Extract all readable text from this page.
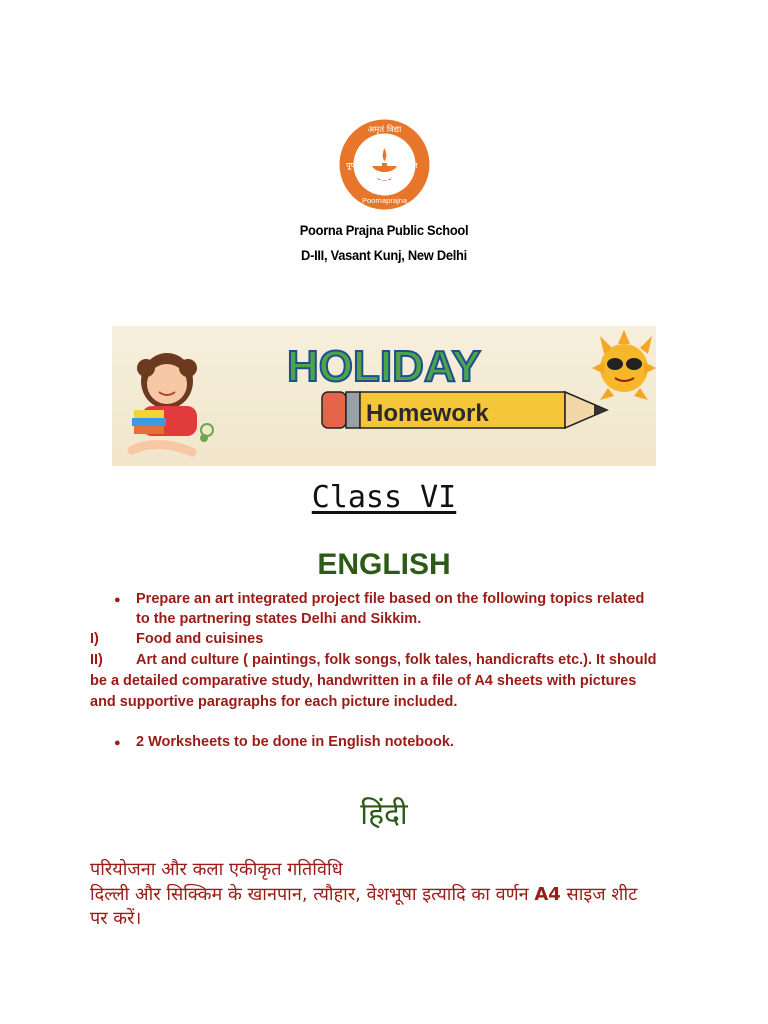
अमृतं विद्या
पूर्ण	प्रज्ञ
Poornaprajna
Poorna Prajna Public School
D-III, Vasant Kunj, New Delhi
HOLIDAY
Homework
Class VI
ENGLISH
● Prepare an art integrated project file based on the following topics related
to the partnering states Delhi and Sikkim.
I)	Food and cuisines
II) Art and culture ( paintings, folk songs, folk tales, handicrafts etc.). It should
be a detailed comparative study, handwritten in a file of A4 sheets with pictures
and supportive paragraphs for each picture included.
● 2 Worksheets to be done in English notebook.
हिंदी
परियोजना और कला एकीकृत गतिविधि
दिल्ली और सिक्किम के खानपान, त्यौहार, वेशभूषा इत्यादि का वर्णन A4 साइज शीट
पर करें।
